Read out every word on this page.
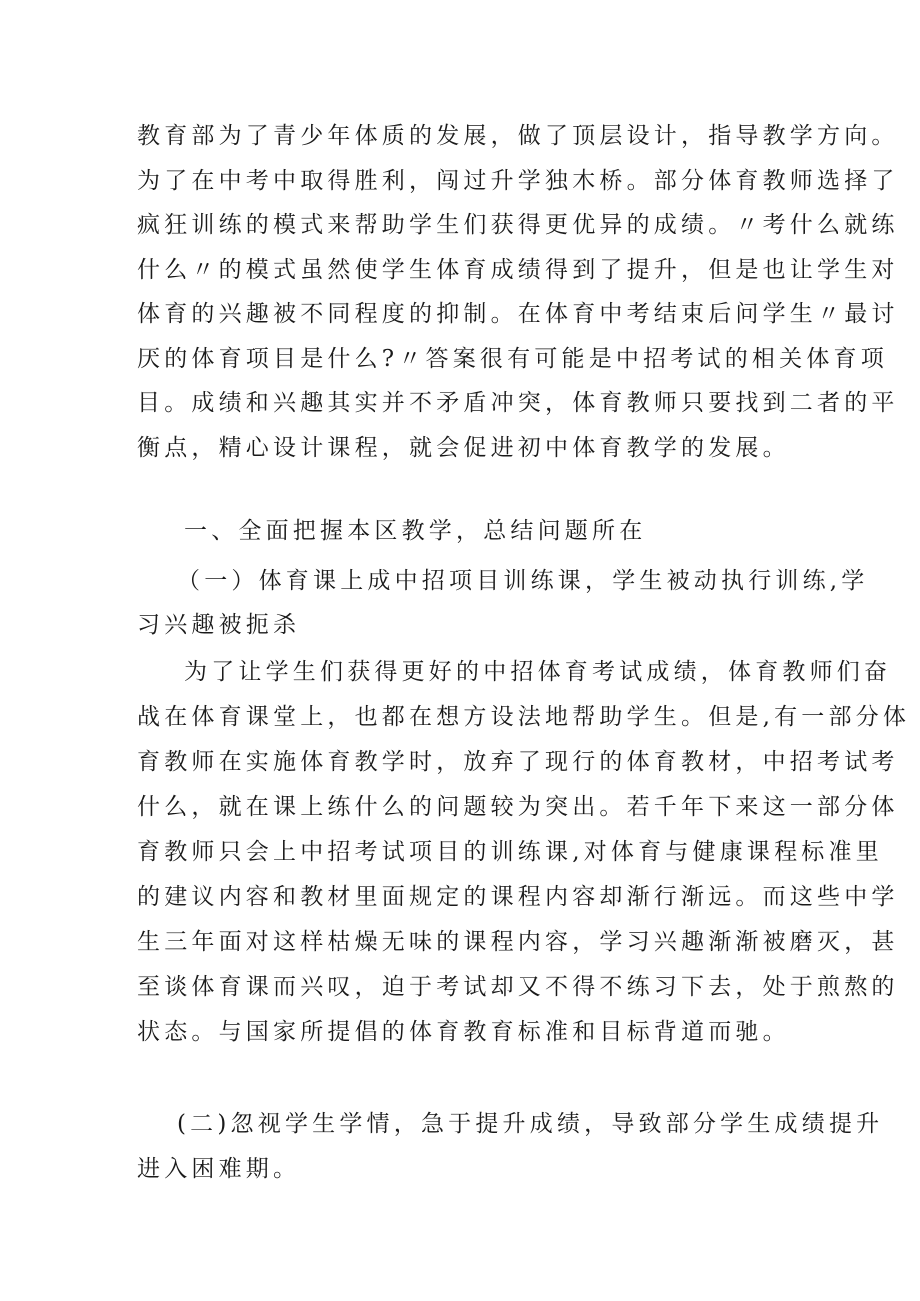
教育部为了青少年体质的发展，做了顶层设计，指导教学方向。
为了在中考中取得胜利，闯过升学独木桥。部分体育教师选择了
疯狂训练的模式来帮助学生们获得更优异的成绩。〃考什么就练
什么〃的模式虽然使学生体育成绩得到了提升，但是也让学生对
体育的兴趣被不同程度的抑制。在体育中考结束后问学生〃最讨
厌的体育项目是什么?〃答案很有可能是中招考试的相关体育项
目。成绩和兴趣其实并不矛盾冲突，体育教师只要找到二者的平
衡点，精心设计课程，就会促进初中体育教学的发展。
一、全面把握本区教学，总结问题所在
（一）体育课上成中招项目训练课，学生被动执行训练,学
习兴趣被扼杀
为了让学生们获得更好的中招体育考试成绩，体育教师们奋
战在体育课堂上，也都在想方设法地帮助学生。但是,有一部分体
育教师在实施体育教学时，放弃了现行的体育教材，中招考试考
什么，就在课上练什么的问题较为突出。若千年下来这一部分体
育教师只会上中招考试项目的训练课,对体育与健康课程标准里
的建议内容和教材里面规定的课程内容却渐行渐远。而这些中学
生三年面对这样枯燥无味的课程内容，学习兴趣渐渐被磨灭，甚
至谈体育课而兴叹，迫于考试却又不得不练习下去，处于煎熬的
状态。与国家所提倡的体育教育标准和目标背道而驰。
(二)忽视学生学情，急于提升成绩，导致部分学生成绩提升
进入困难期。
